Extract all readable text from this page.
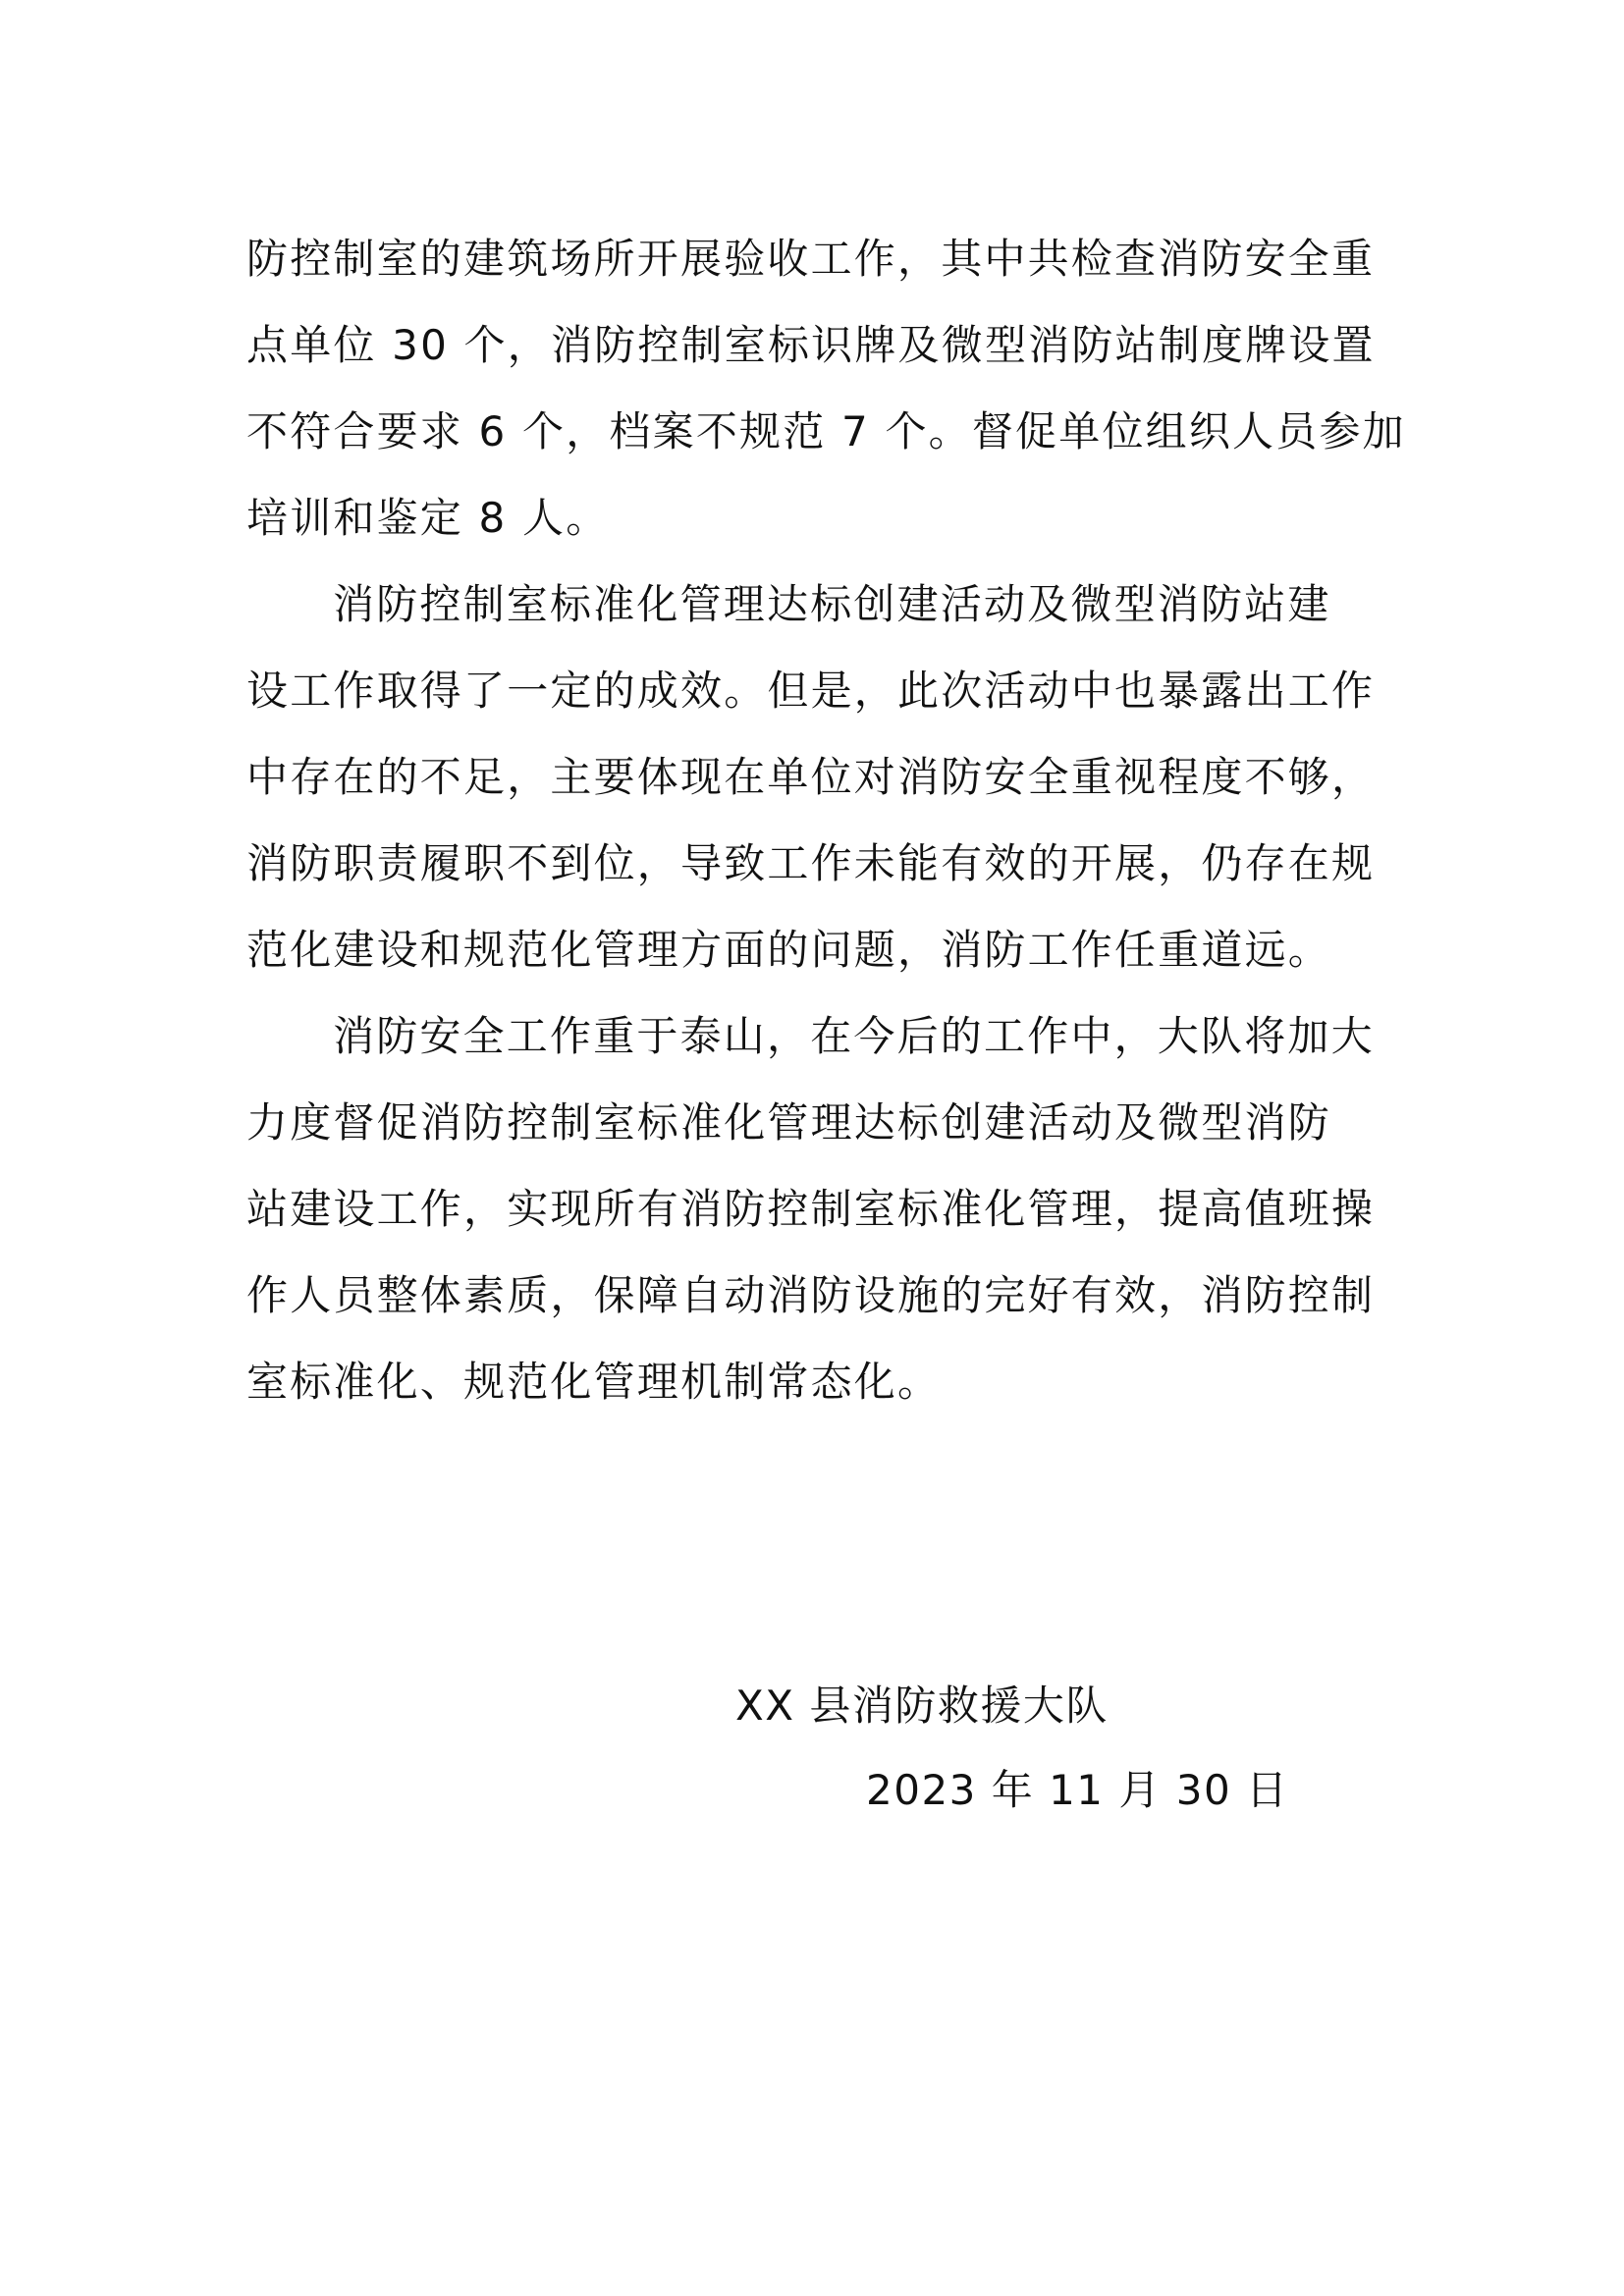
防控制室的建筑场所开展验收工作，其中共检查消防安全重
点单位 30 个，消防控制室标识牌及微型消防站制度牌设置
不符合要求 6 个，档案不规范 7 个。督促单位组织人员参加
培训和鉴定 8 人。
消防控制室标准化管理达标创建活动及微型消防站建
设工作取得了一定的成效。但是，此次活动中也暴露出工作
中存在的不足，主要体现在单位对消防安全重视程度不够，
消防职责履职不到位，导致工作未能有效的开展，仍存在规
范化建设和规范化管理方面的问题，消防工作任重道远。
消防安全工作重于泰山，在今后的工作中，大队将加大
力度督促消防控制室标准化管理达标创建活动及微型消防
站建设工作，实现所有消防控制室标准化管理，提高值班操
作人员整体素质，保障自动消防设施的完好有效，消防控制
室标准化、规范化管理机制常态化。
XX 县消防救援大队
2023 年 11 月 30 日
